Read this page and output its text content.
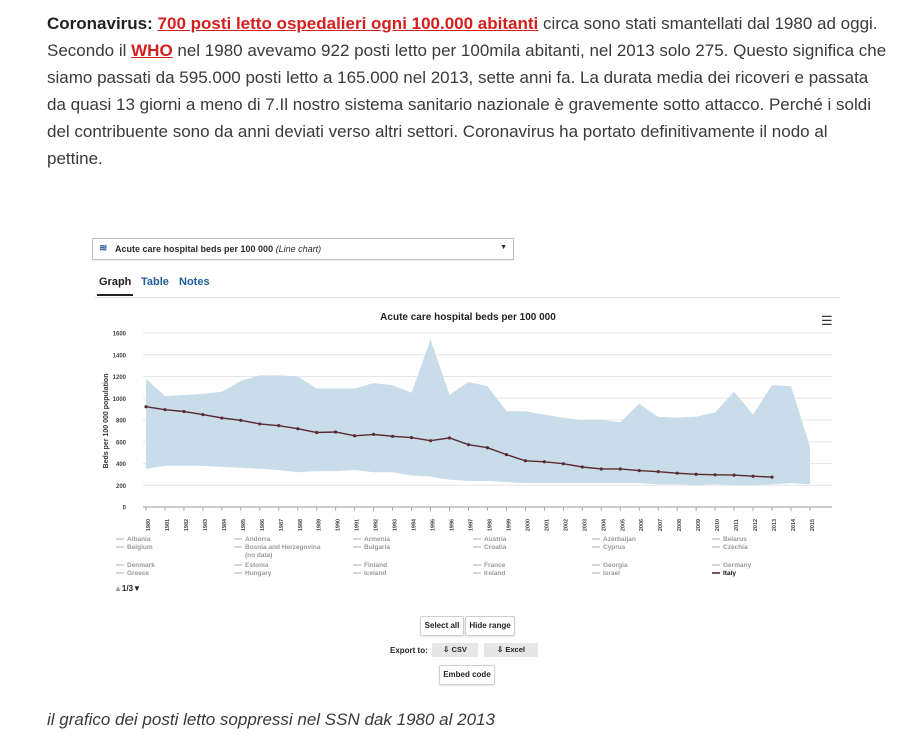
Coronavirus: 700 posti letto ospedalieri ogni 100.000 abitanti circa sono stati smantellati dal 1980 ad oggi. Secondo il WHO nel 1980 avevamo 922 posti letto per 100mila abitanti, nel 2013 solo 275. Questo significa che siamo passati da 595.000 posti letto a 165.000 nel 2013, sette anni fa. La durata media dei ricoveri e passata da quasi 13 giorni a meno di 7.Il nostro sistema sanitario nazionale è gravemente sotto attacco. Perché i soldi del contribuente sono da anni deviati verso altri settori. Coronavirus ha portato definitivamente il nodo al pettine.
≋ Acute care hospital beds per 100 000 (Line chart)	▼
Graph Table Notes
Acute care hospital beds per 100 000
Beds per 100 000 population
0
200
400
600
800
1000
1200
1400
1600
1980 1981 1982 1983 1984 1985 1986 1987 1988 1989 1990 1991 1992 1993 1994 1995 1996 1997 1998 1999 2000 2001 2002 2003 2004 2005 2006 2007 2008 2009 2010 2011 2012 2013 2014 2015
Albania	Andorra	Armenia	Austria	Azerbaijan	Belarus
Belgium	Bosnia and Herzegovina
(no data)
Bulgaria	Croatia	Cyprus	Czechia
Denmark	Estonia	Finland	France	Georgia	Germany
Greece	Hungary	Iceland	Ireland	Israel	Italy
☰
▲1/3▼
Select all	Hide range
Export to:	⇩ CSV	⇩ Excel
Embed code
il grafico dei posti letto soppressi nel SSN dak 1980 al 2013
